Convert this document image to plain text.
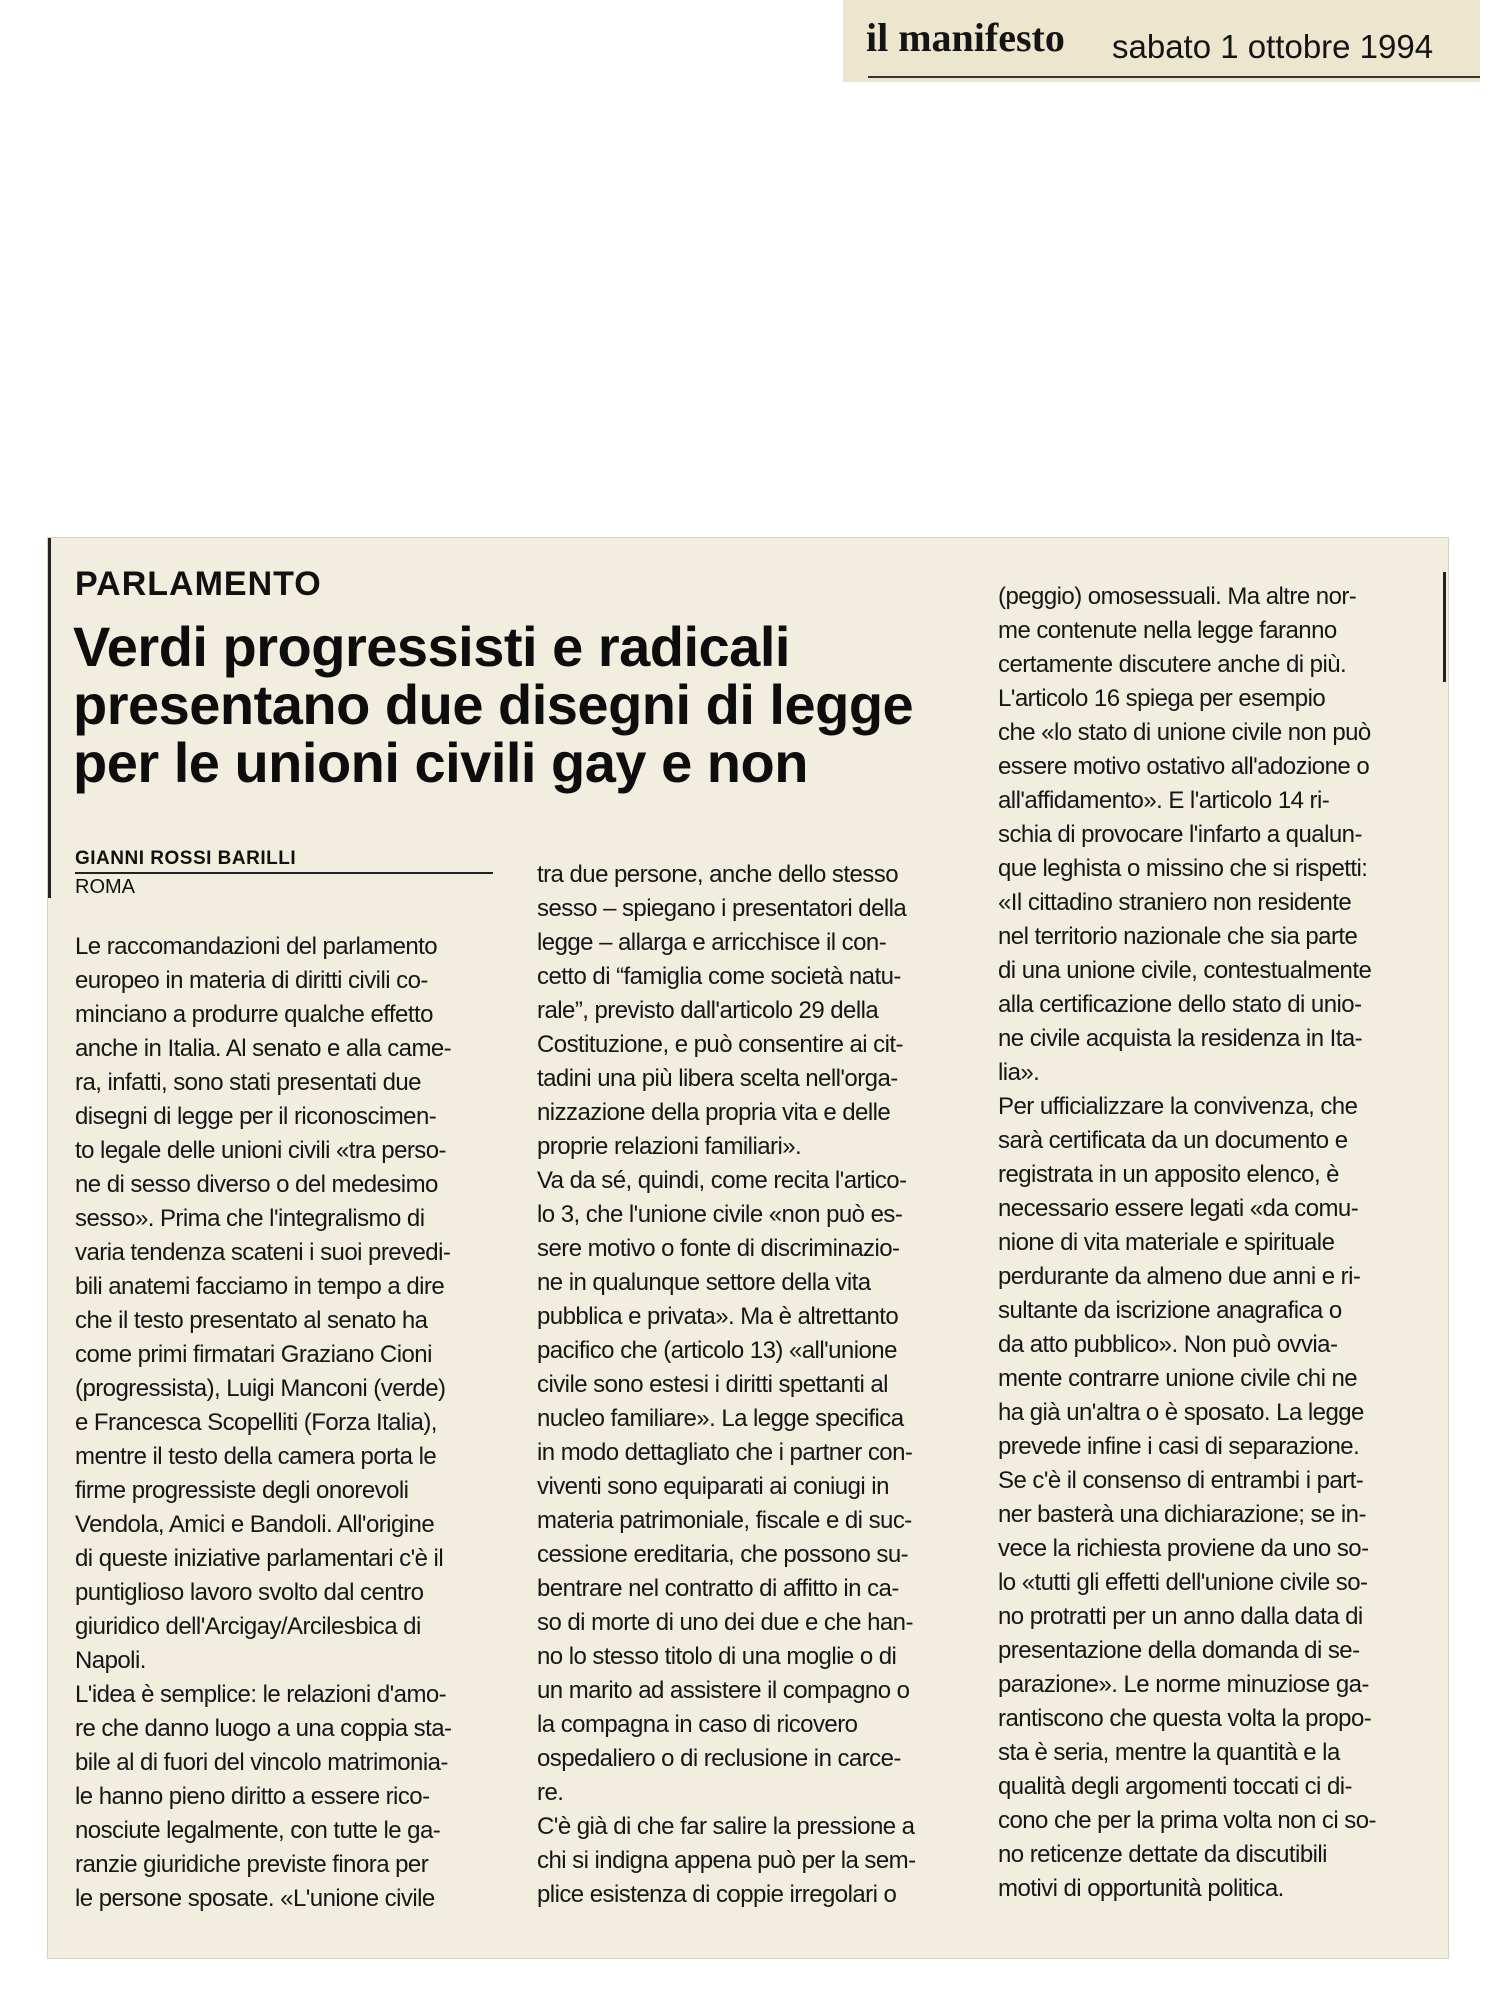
il manifesto sabato 1 ottobre 1994
PARLAMENTO
Verdi progressisti e radicali
presentano due disegni di legge
per le unioni civili gay e non
GIANNI ROSSI BARILLI
ROMA
Le raccomandazioni del parlamento
europeo in materia di diritti civili co-
minciano a produrre qualche effetto
anche in Italia. Al senato e alla came-
ra, infatti, sono stati presentati due
disegni di legge per il riconoscimen-
to legale delle unioni civili «tra perso-
ne di sesso diverso o del medesimo
sesso». Prima che l'integralismo di
varia tendenza scateni i suoi prevedi-
bili anatemi facciamo in tempo a dire
che il testo presentato al senato ha
come primi firmatari Graziano Cioni
(progressista), Luigi Manconi (verde)
e Francesca Scopelliti (Forza Italia),
mentre il testo della camera porta le
firme progressiste degli onorevoli
Vendola, Amici e Bandoli. All'origine
di queste iniziative parlamentari c'è il
puntiglioso lavoro svolto dal centro
giuridico dell'Arcigay/Arcilesbica di
Napoli.
L'idea è semplice: le relazioni d'amo-
re che danno luogo a una coppia sta-
bile al di fuori del vincolo matrimonia-
le hanno pieno diritto a essere rico-
nosciute legalmente, con tutte le ga-
ranzie giuridiche previste finora per
le persone sposate. «L'unione civile
tra due persone, anche dello stesso
sesso – spiegano i presentatori della
legge – allarga e arricchisce il con-
cetto di “famiglia come società natu-
rale”, previsto dall'articolo 29 della
Costituzione, e può consentire ai cit-
tadini una più libera scelta nell'orga-
nizzazione della propria vita e delle
proprie relazioni familiari».
Va da sé, quindi, come recita l'artico-
lo 3, che l'unione civile «non può es-
sere motivo o fonte di discriminazio-
ne in qualunque settore della vita
pubblica e privata». Ma è altrettanto
pacifico che (articolo 13) «all'unione
civile sono estesi i diritti spettanti al
nucleo familiare». La legge specifica
in modo dettagliato che i partner con-
viventi sono equiparati ai coniugi in
materia patrimoniale, fiscale e di suc-
cessione ereditaria, che possono su-
bentrare nel contratto di affitto in ca-
so di morte di uno dei due e che han-
no lo stesso titolo di una moglie o di
un marito ad assistere il compagno o
la compagna in caso di ricovero
ospedaliero o di reclusione in carce-
re.
C'è già di che far salire la pressione a
chi si indigna appena può per la sem-
plice esistenza di coppie irregolari o
(peggio) omosessuali. Ma altre nor-
me contenute nella legge faranno
certamente discutere anche di più.
L'articolo 16 spiega per esempio
che «lo stato di unione civile non può
essere motivo ostativo all'adozione o
all'affidamento». E l'articolo 14 ri-
schia di provocare l'infarto a qualun-
que leghista o missino che si rispetti:
«Il cittadino straniero non residente
nel territorio nazionale che sia parte
di una unione civile, contestualmente
alla certificazione dello stato di unio-
ne civile acquista la residenza in Ita-
lia».
Per ufficializzare la convivenza, che
sarà certificata da un documento e
registrata in un apposito elenco, è
necessario essere legati «da comu-
nione di vita materiale e spirituale
perdurante da almeno due anni e ri-
sultante da iscrizione anagrafica o
da atto pubblico». Non può ovvia-
mente contrarre unione civile chi ne
ha già un'altra o è sposato. La legge
prevede infine i casi di separazione.
Se c'è il consenso di entrambi i part-
ner basterà una dichiarazione; se in-
vece la richiesta proviene da uno so-
lo «tutti gli effetti dell'unione civile so-
no protratti per un anno dalla data di
presentazione della domanda di se-
parazione». Le norme minuziose ga-
rantiscono che questa volta la propo-
sta è seria, mentre la quantità e la
qualità degli argomenti toccati ci di-
cono che per la prima volta non ci so-
no reticenze dettate da discutibili
motivi di opportunità politica.
